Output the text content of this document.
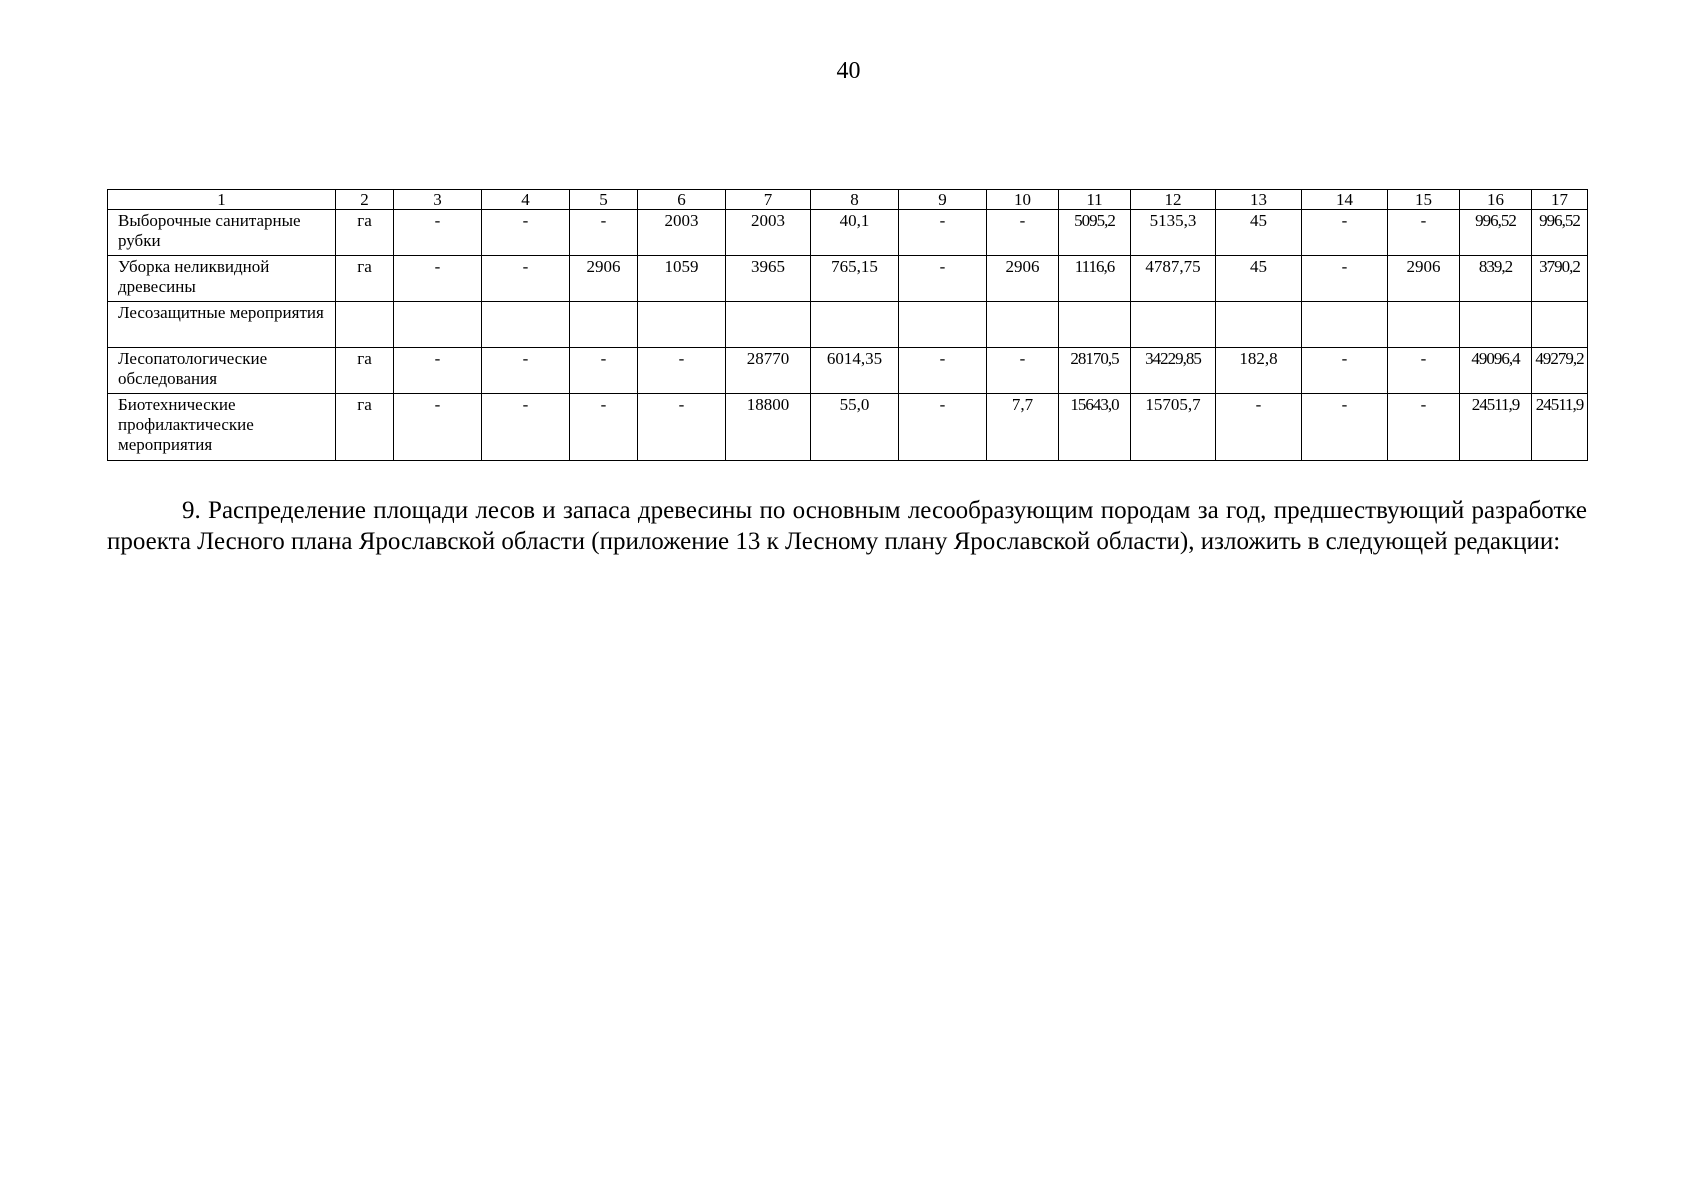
40
1	2	3	4	5	6	7	8	9	10	11	12	13	14	15	16	17
Выборочные санитарные рубки	га	-	-	-	2003	2003	40,1	-	-	5095,2	5135,3	45	-	-	996,52	996,52
Уборка неликвидной древесины	га	-	-	2906	1059	3965	765,15	-	2906	1116,6	4787,75	45	-	2906	839,2	3790,2
Лесозащитные мероприятия																
Лесопатологические обследования	га	-	-	-	-	28770	6014,35	-	-	28170,5	34229,85	182,8	-	-	49096,4	49279,2
Биотехнические профилактические мероприятия	га	-	-	-	-	18800	55,0	-	7,7	15643,0	15705,7	-	-	-	24511,9	24511,9

9. Распределение площади лесов и запаса древесины по основным лесообразующим породам за год, предшествующий разработке проекта Лесного плана Ярославской области (приложение 13 к Лесному плану Ярославской области), изложить в следующей редакции:
